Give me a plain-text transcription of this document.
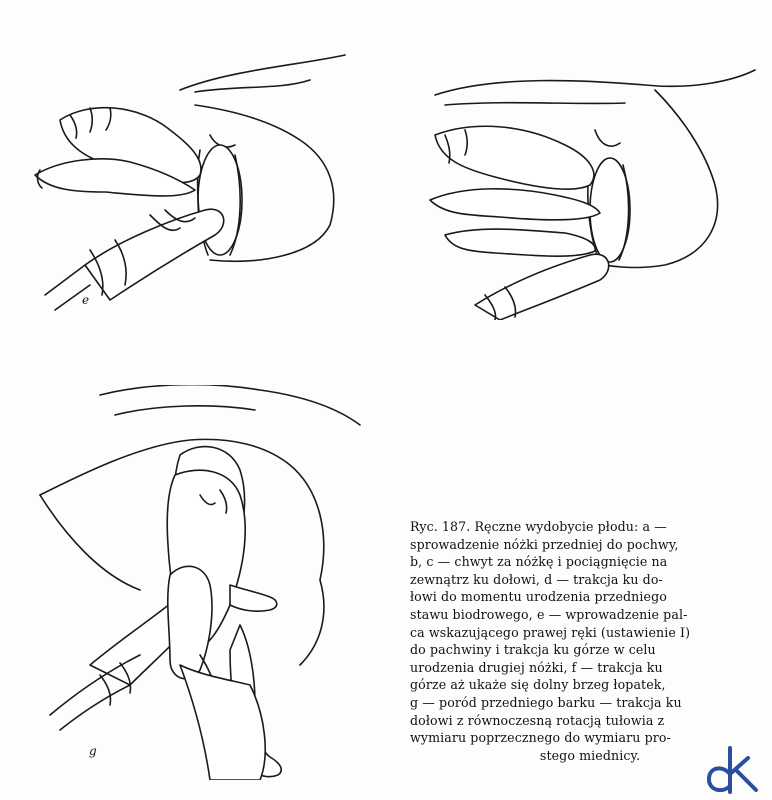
e
g
Ryc. 187. Ręczne wydobycie płodu: a —
sprowadzenie nóżki przedniej do pochwy,
b, c — chwyt za nóżkę i pociągnięcie na
zewnątrz ku dołowi, d — trakcja ku do-
łowi do momentu urodzenia przedniego
stawu biodrowego, e — wprowadzenie pal-
ca wskazującego prawej ręki (ustawienie I)
do pachwiny i trakcja ku górze w celu
urodzenia drugiej nóżki, f — trakcja ku
górze aż ukaże się dolny brzeg łopatek,
g — poród przedniego barku — trakcja ku
dołowi z równoczesną rotacją tułowia z
wymiaru poprzecznego do wymiaru pro-
stego miednicy.
